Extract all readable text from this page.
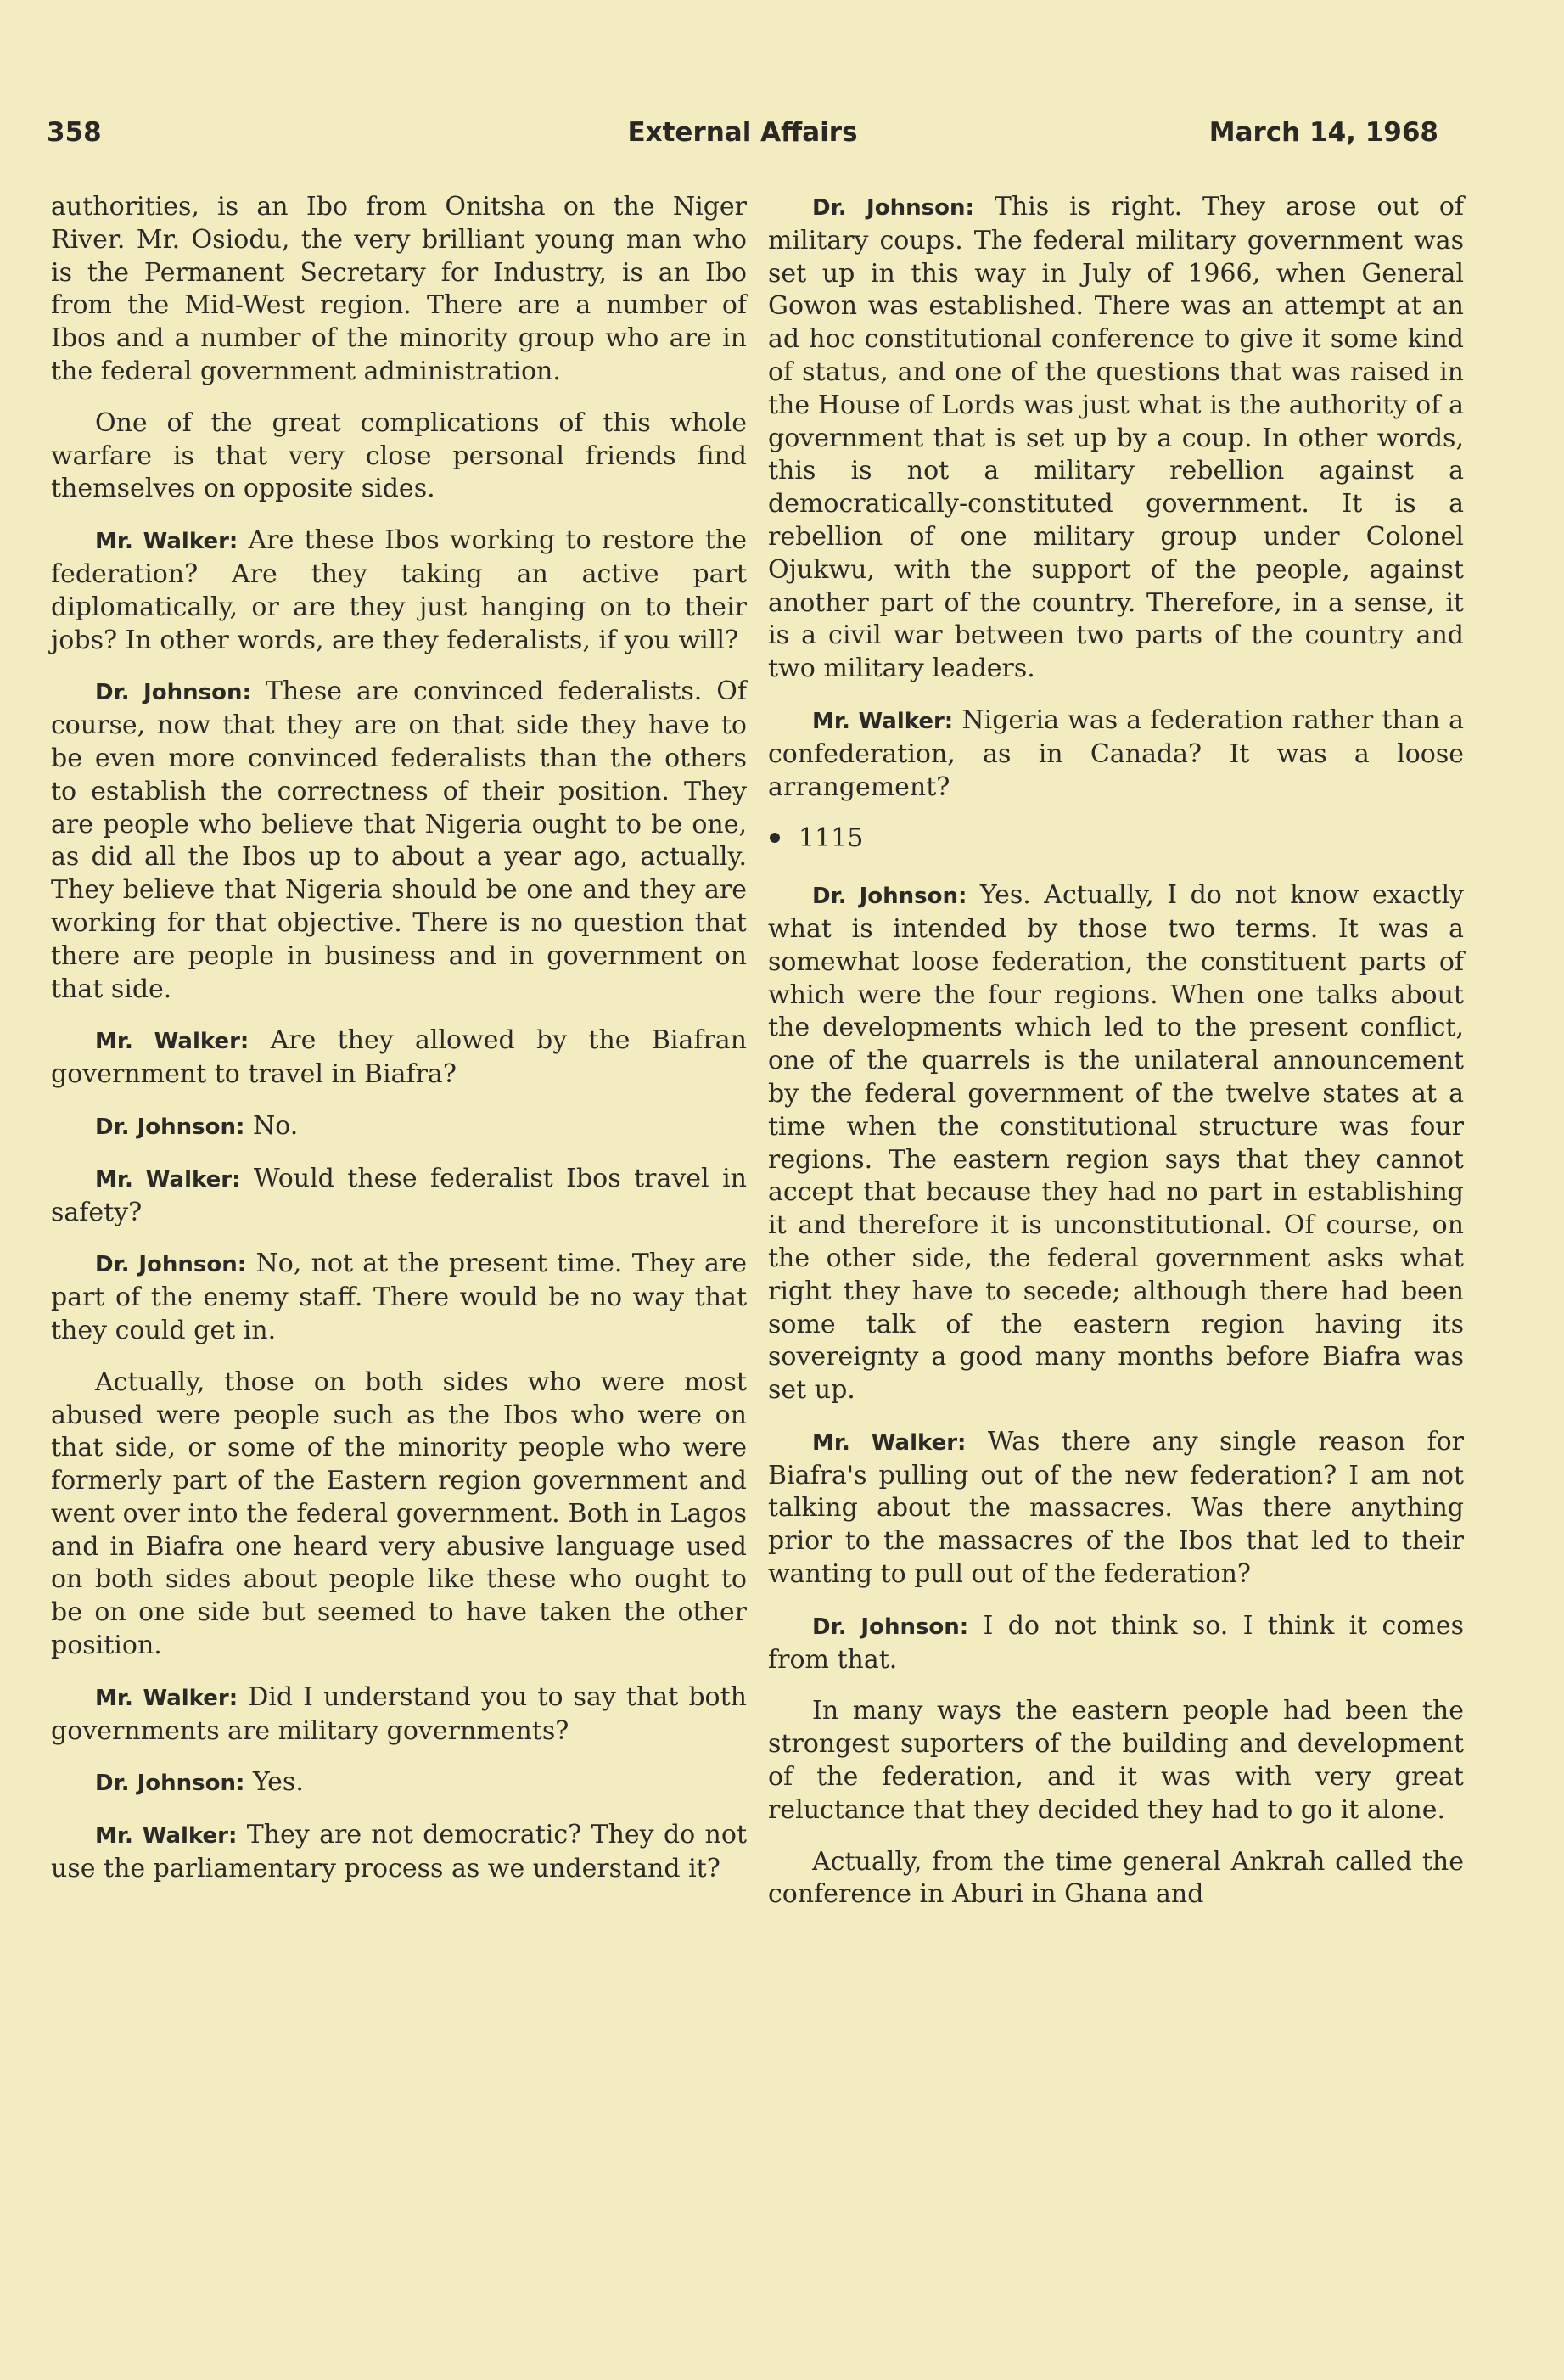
358	External Affairs	March 14, 1968

authorities, is an Ibo from Onitsha on the Niger River. Mr. Osiodu, the very brilliant young man who is the Permanent Secretary for Industry, is an Ibo from the Mid-West region. There are a number of Ibos and a number of the minority group who are in the federal government administration.

One of the great complications of this whole warfare is that very close personal friends find themselves on opposite sides.

Mr. Walker: Are these Ibos working to restore the federation? Are they taking an active part diplomatically, or are they just hanging on to their jobs? In other words, are they federalists, if you will?

Dr. Johnson: These are convinced federalists. Of course, now that they are on that side they have to be even more convinced federalists than the others to establish the correctness of their position. They are people who believe that Nigeria ought to be one, as did all the Ibos up to about a year ago, actually. They believe that Nigeria should be one and they are working for that objective. There is no question that there are people in business and in government on that side.

Mr. Walker: Are they allowed by the Biafran government to travel in Biafra?

Dr. Johnson: No.

Mr. Walker: Would these federalist Ibos travel in safety?

Dr. Johnson: No, not at the present time. They are part of the enemy staff. There would be no way that they could get in.

Actually, those on both sides who were most abused were people such as the Ibos who were on that side, or some of the minority people who were formerly part of the Eastern region government and went over into the federal government. Both in Lagos and in Biafra one heard very abusive language used on both sides about people like these who ought to be on one side but seemed to have taken the other position.

Mr. Walker: Did I understand you to say that both governments are military governments?

Dr. Johnson: Yes.

Mr. Walker: They are not democratic? They do not use the parliamentary process as we understand it?

Dr. Johnson: This is right. They arose out of military coups. The federal military government was set up in this way in July of 1966, when General Gowon was established. There was an attempt at an ad hoc constitutional conference to give it some kind of status, and one of the questions that was raised in the House of Lords was just what is the authority of a government that is set up by a coup. In other words, this is not a military rebellion against a democratically-constituted government. It is a rebellion of one military group under Colonel Ojukwu, with the support of the people, against another part of the country. Therefore, in a sense, it is a civil war between two parts of the country and two military leaders.

Mr. Walker: Nigeria was a federation rather than a confederation, as in Canada? It was a loose arrangement?

1115

Dr. Johnson: Yes. Actually, I do not know exactly what is intended by those two terms. It was a somewhat loose federation, the constituent parts of which were the four regions. When one talks about the developments which led to the present conflict, one of the quarrels is the unilateral announcement by the federal government of the twelve states at a time when the constitutional structure was four regions. The eastern region says that they cannot accept that because they had no part in establishing it and therefore it is unconstitutional. Of course, on the other side, the federal government asks what right they have to secede; although there had been some talk of the eastern region having its sovereignty a good many months before Biafra was set up.

Mr. Walker: Was there any single reason for Biafra's pulling out of the new federation? I am not talking about the massacres. Was there anything prior to the massacres of the Ibos that led to their wanting to pull out of the federation?

Dr. Johnson: I do not think so. I think it comes from that.

In many ways the eastern people had been the strongest suporters of the building and development of the federation, and it was with very great reluctance that they decided they had to go it alone.

Actually, from the time general Ankrah called the conference in Aburi in Ghana and
